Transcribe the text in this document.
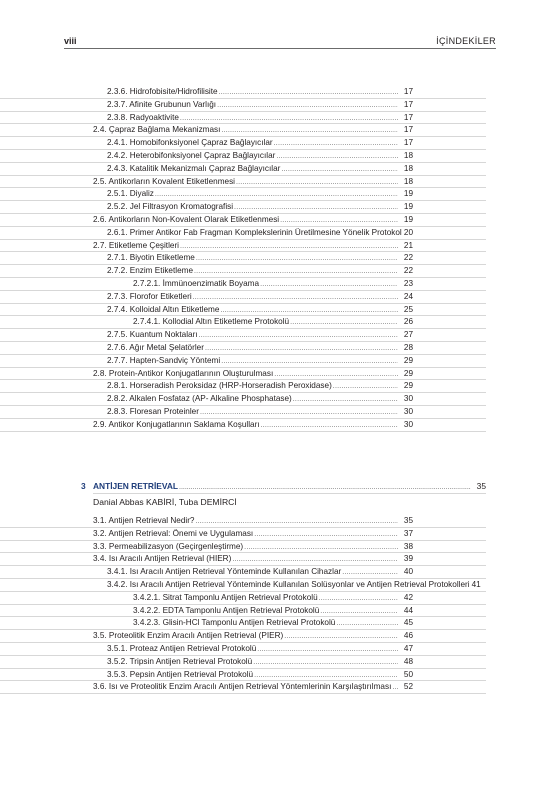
viii	İÇİNDEKİLER
2.3.6. Hidrofobisite/Hidrofilisite .....	17
2.3.7. Afinite Grubunun Varlığı .....	17
2.3.8. Radyoaktivite .....	17
2.4. Çapraz Bağlama Mekanizması .....	17
2.4.1. Homobifonksiyonel Çapraz Bağlayıcılar .....	17
2.4.2. Heterobifonksiyonel Çapraz Bağlayıcılar .....	18
2.4.3. Katalitik Mekanizmalı Çapraz Bağlayıcılar .....	18
2.5. Antikorların Kovalent Etiketlenmesi .....	18
2.5.1. Diyaliz .....	19
2.5.2. Jel Filtrasyon Kromatografisi .....	19
2.6. Antikorların Non-Kovalent Olarak Etiketlenmesi .....	19
2.6.1. Primer Antikor Fab Fragman Komplekslerinin Üretilmesine Yönelik Protokol 20
2.7. Etiketleme Çeşitleri .....	21
2.7.1. Biyotin Etiketleme .....	22
2.7.2. Enzim Etiketleme .....	22
2.7.2.1. İmmünoenzimatik Boyama .....	23
2.7.3. Florofor Etiketleri .....	24
2.7.4. Kolloidal Altın Etiketleme .....	25
2.7.4.1. Kollodial Altın Etiketleme Protokolü .....	26
2.7.5. Kuantum Noktaları .....	27
2.7.6. Ağır Metal Şelatörler .....	28
2.7.7. Hapten-Sandviç Yöntemi .....	29
2.8. Protein-Antikor Konjugatlarının Oluşturulması .....	29
2.8.1. Horseradish Peroksidaz (HRP-Horseradish Peroxidase) .....	29
2.8.2. Alkalen Fosfataz (AP- Alkaline Phosphatase) .....	30
2.8.3. Floresan Proteinler .....	30
2.9. Antikor Konjugatlarının Saklama Koşulları .....	30
3 ANTİJEN RETRİEVAL .....	35
Danial Abbas KABİRİ, Tuba DEMİRCİ
3.1. Antijen Retrieval Nedir? .....	35
3.2. Antijen Retrieval: Önemi ve Uygulaması .....	37
3.3. Permeabilizasyon (Geçirgenleştirme) .....	38
3.4. Isı Aracılı Antijen Retrieval (HIER) .....	39
3.4.1. Isı Aracılı Antijen Retrieval Yönteminde Kullanılan Cihazlar .....	40
3.4.2. Isı Aracılı Antijen Retrieval Yönteminde Kullanılan Solüsyonlar ve Antijen Retrieval Protokolleri 41
3.4.2.1. Sitrat Tamponlu Antijen Retrieval Protokolü .....	42
3.4.2.2. EDTA Tamponlu Antijen Retrieval Protokolü .....	44
3.4.2.3. Glisin-HCl Tamponlu Antijen Retrieval Protokolü .....	45
3.5. Proteolitik Enzim Aracılı Antijen Retrieval (PIER) .....	46
3.5.1. Proteaz Antijen Retrieval Protokolü .....	47
3.5.2. Tripsin Antijen Retrieval Protokolü .....	48
3.5.3. Pepsin Antijen Retrieval Protokolü .....	50
3.6. Isı ve Proteolitik Enzim Aracılı Antijen Retrieval Yöntemlerinin Karşılaştırılması .....	52
